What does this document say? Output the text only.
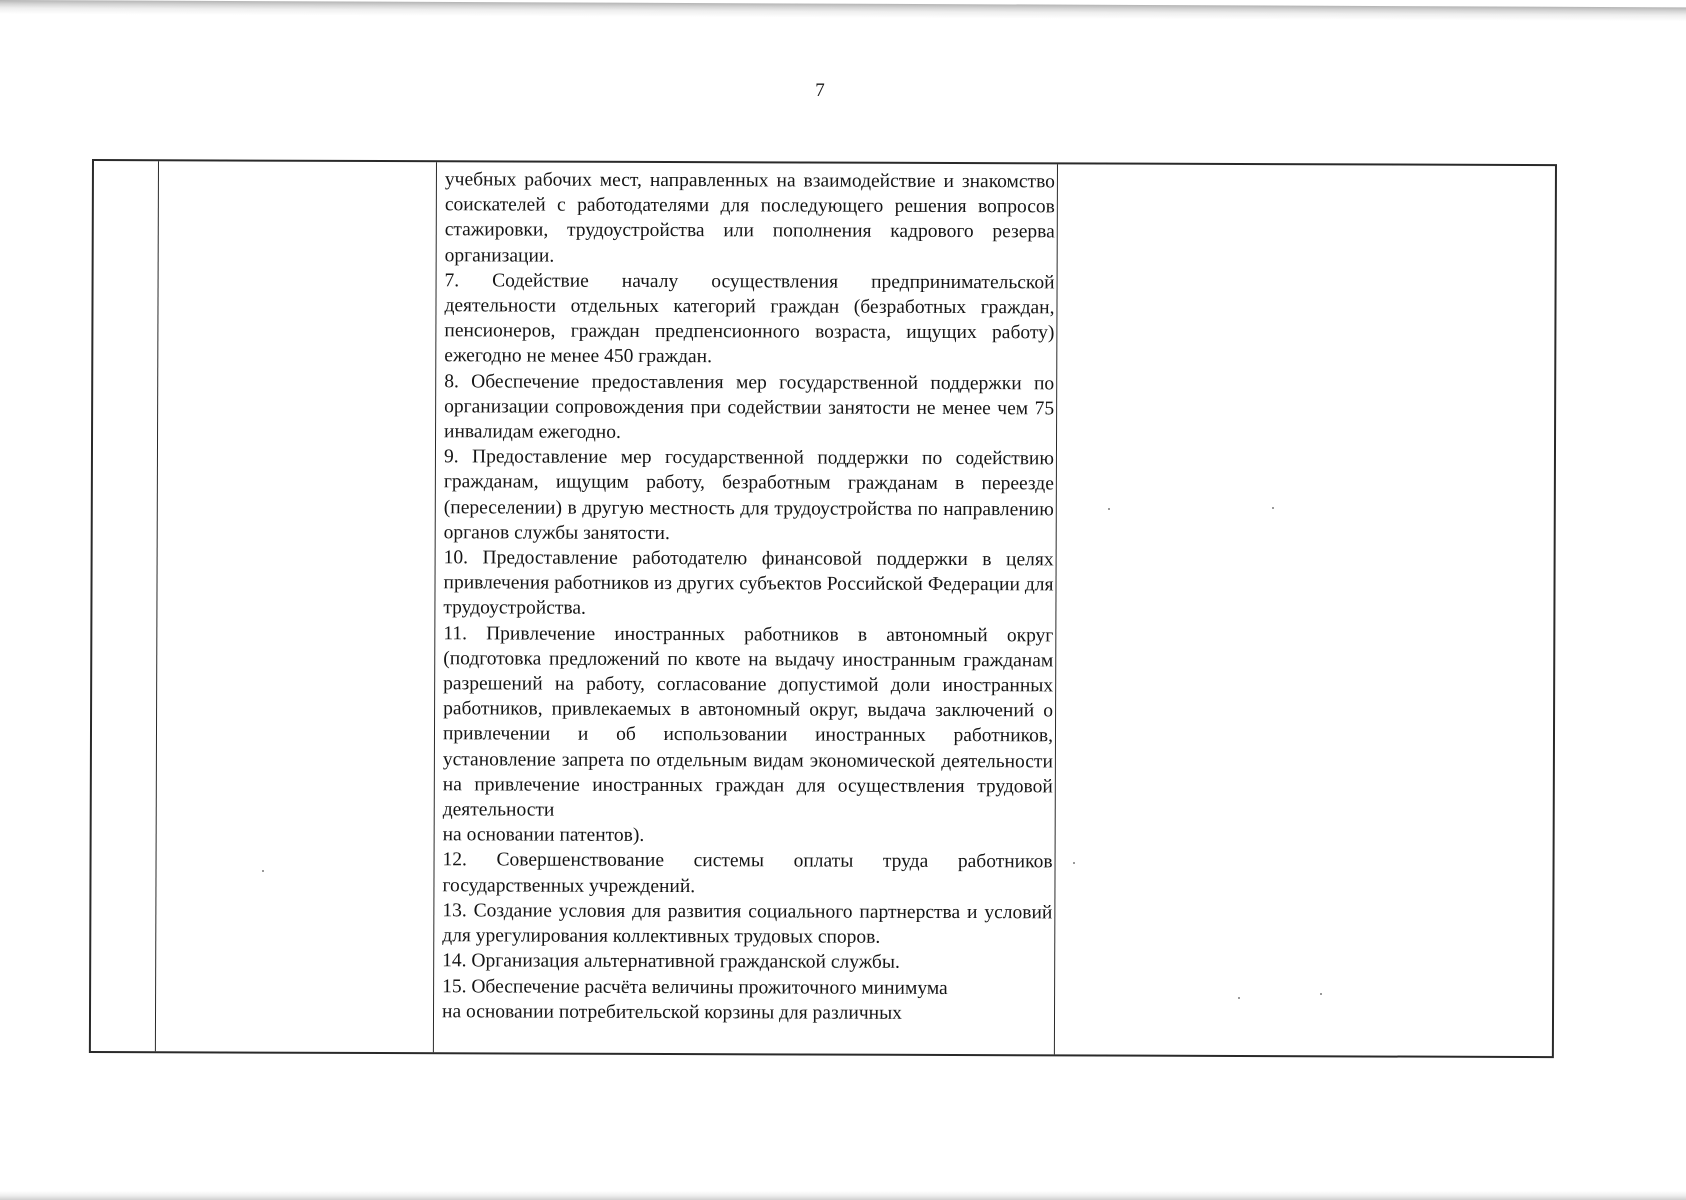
7

учебных рабочих мест, направленных на взаимодействие и знакомство соискателей с работодателями для последующего решения вопросов стажировки, трудоустройства или пополнения кадрового резерва организации.

7. Содействие началу осуществления предпринимательской деятельности отдельных категорий граждан (безработных граждан, пенсионеров, граждан предпенсионного возраста, ищущих работу) ежегодно не менее 450 граждан.

8. Обеспечение предоставления мер государственной поддержки по организации сопровождения при содействии занятости не менее чем 75 инвалидам ежегодно.

9. Предоставление мер государственной поддержки по содействию гражданам, ищущим работу, безработным гражданам в переезде (переселении) в другую местность для трудоустройства по направлению органов службы занятости.

10. Предоставление работодателю финансовой поддержки в целях привлечения работников из других субъектов Российской Федерации для трудоустройства.

11. Привлечение иностранных работников в автономный округ (подготовка предложений по квоте на выдачу иностранным гражданам разрешений на работу, согласование допустимой доли иностранных работников, привлекаемых в автономный округ, выдача заключений о привлечении и об использовании иностранных работников, установление запрета по отдельным видам экономической деятельности на привлечение иностранных граждан для осуществления трудовой деятельности

на основании патентов).

12. Совершенствование системы оплаты труда работников государственных учреждений.

13. Создание условия для развития социального партнерства и условий для урегулирования коллективных трудовых споров.

14. Организация альтернативной гражданской службы.

15. Обеспечение расчёта величины прожиточного минимума

на основании потребительской корзины для различных
